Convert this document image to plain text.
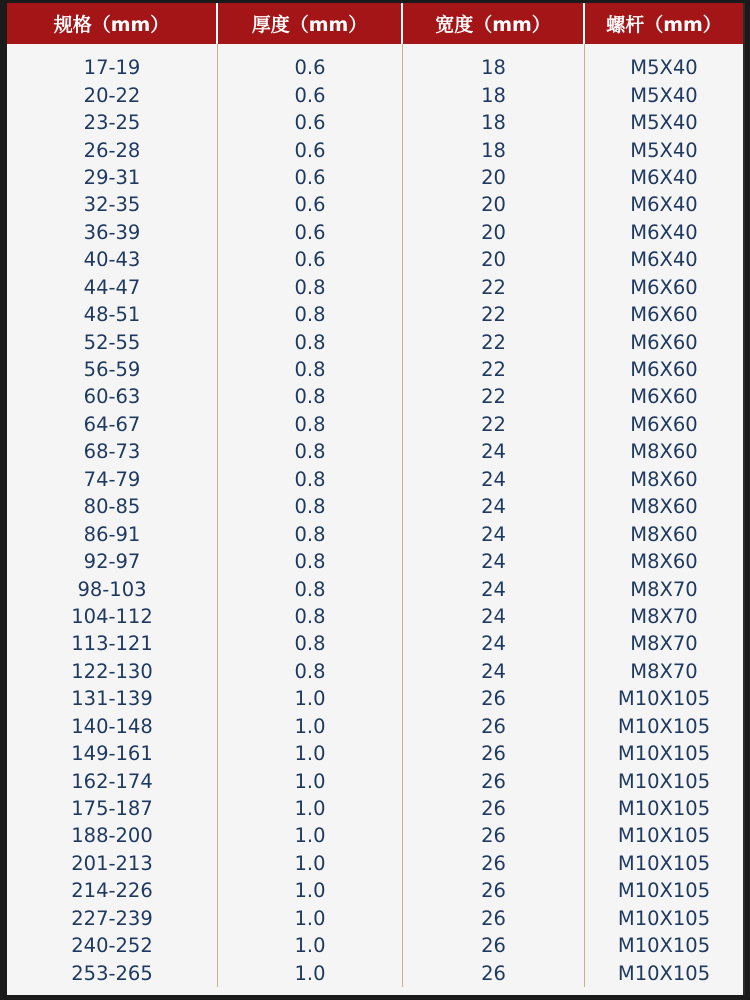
规格（mm）	厚度（mm）	宽度（mm）	螺杆（mm）
17-19	0.6	18	M5X40
20-22	0.6	18	M5X40
23-25	0.6	18	M5X40
26-28	0.6	18	M5X40
29-31	0.6	20	M6X40
32-35	0.6	20	M6X40
36-39	0.6	20	M6X40
40-43	0.6	20	M6X40
44-47	0.8	22	M6X60
48-51	0.8	22	M6X60
52-55	0.8	22	M6X60
56-59	0.8	22	M6X60
60-63	0.8	22	M6X60
64-67	0.8	22	M6X60
68-73	0.8	24	M8X60
74-79	0.8	24	M8X60
80-85	0.8	24	M8X60
86-91	0.8	24	M8X60
92-97	0.8	24	M8X60
98-103	0.8	24	M8X70
104-112	0.8	24	M8X70
113-121	0.8	24	M8X70
122-130	0.8	24	M8X70
131-139	1.0	26	M10X105
140-148	1.0	26	M10X105
149-161	1.0	26	M10X105
162-174	1.0	26	M10X105
175-187	1.0	26	M10X105
188-200	1.0	26	M10X105
201-213	1.0	26	M10X105
214-226	1.0	26	M10X105
227-239	1.0	26	M10X105
240-252	1.0	26	M10X105
253-265	1.0	26	M10X105
